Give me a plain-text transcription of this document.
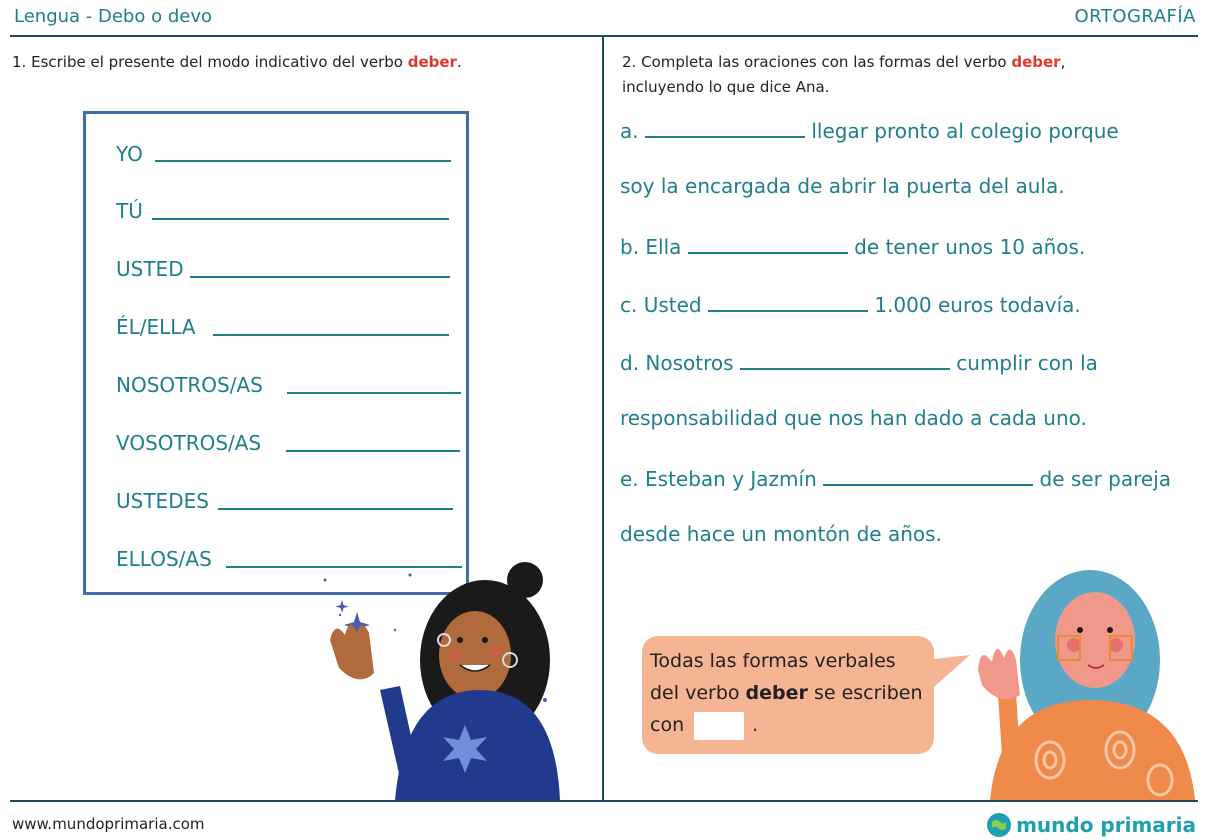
Lengua - Debo o devo	ORTOGRAFÍA
1. Escribe el presente del modo indicativo del verbo deber.
YO
TÚ
USTED
ÉL/ELLA
NOSOTROS/AS
VOSOTROS/AS
USTEDES
ELLOS/AS
2. Completa las oraciones con las formas del verbo deber,
incluyendo lo que dice Ana.
a.	llegar pronto al colegio porque
soy la encargada de abrir la puerta del aula.
b. Ella	de tener unos 10 años.
c. Usted	1.000 euros todavía.
d. Nosotros	cumplir con la
responsabilidad que nos han dado a cada uno.
e. Esteban y Jazmín	de ser pareja
desde hace un montón de años.
Todas las formas verbales
del verbo deber se escriben
con	.
www.mundoprimaria.com	mundo primaria
